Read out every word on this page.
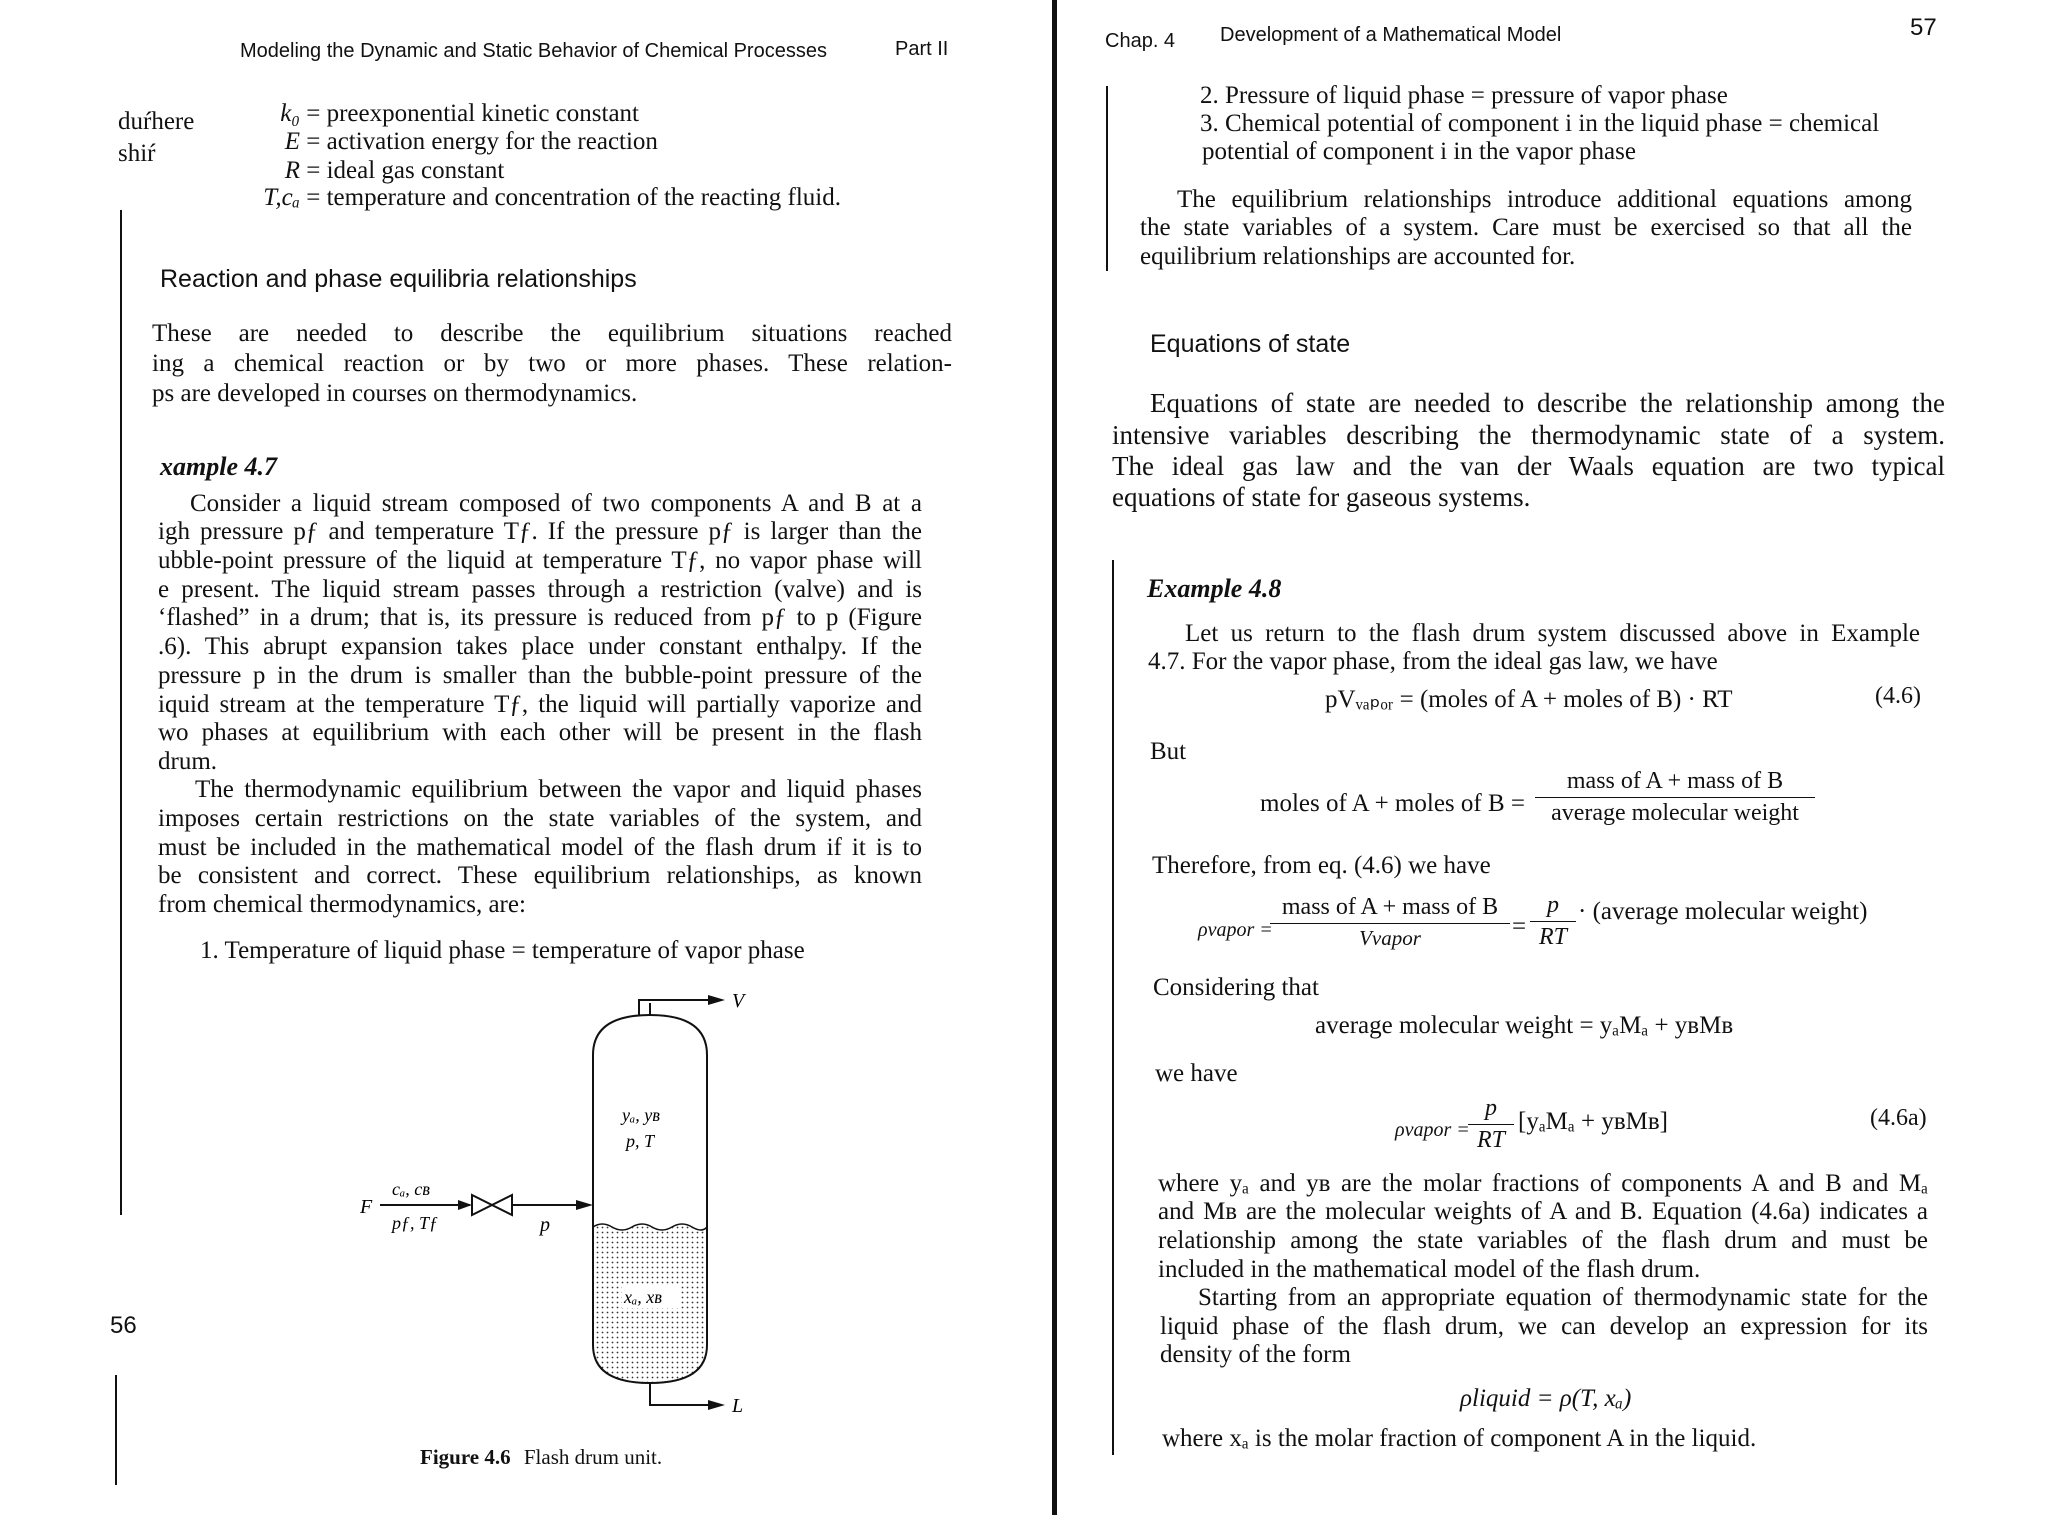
Modeling the Dynamic and Static Behavior of Chemical Processes	Part II
duŕhere
shiŕ
k₀ = preexponential kinetic constant
E = activation energy for the reaction
R = ideal gas constant
T,cₐ = temperature and concentration of the reacting fluid.
Reaction and phase equilibria relationships
These are needed to describe the equilibrium situations reached
ing a chemical reaction or by two or more phases. These relation-
ps are developed in courses on thermodynamics.
xample 4.7
Consider a liquid stream composed of two components A and B at a
igh pressure pƒ and temperature Tƒ. If the pressure pƒ is larger than the
ubble-point pressure of the liquid at temperature Tƒ, no vapor phase will
e present. The liquid stream passes through a restriction (valve) and is
‘flashed” in a drum; that is, its pressure is reduced from pƒ to p (Figure
.6). This abrupt expansion takes place under constant enthalpy. If the
pressure p in the drum is smaller than the bubble-point pressure of the
iquid stream at the temperature Tƒ, the liquid will partially vaporize and
wo phases at equilibrium with each other will be present in the flash
drum.
The thermodynamic equilibrium between the vapor and liquid phases
imposes certain restrictions on the state variables of the system, and
must be included in the mathematical model of the flash drum if it is to
be consistent and correct. These equilibrium relationships, as known
from chemical thermodynamics, are:
1. Temperature of liquid phase = temperature of vapor phase
V
L
F
p
cₐ, cʙ
pƒ, Tƒ
yₐ, yʙ
p, T
xₐ, xʙ
Figure 4.6 Flash drum unit.
56
Chap. 4 Development of a Mathematical Model	57
2. Pressure of liquid phase = pressure of vapor phase
3. Chemical potential of component i in the liquid phase = chemical
potential of component i in the vapor phase
The equilibrium relationships introduce additional equations among
the state variables of a system. Care must be exercised so that all the
equilibrium relationships are accounted for.
Equations of state
Equations of state are needed to describe the relationship among the
intensive variables describing the thermodynamic state of a system.
The ideal gas law and the van der Waals equation are two typical
equations of state for gaseous systems.
Example 4.8
Let us return to the flash drum system discussed above in Example
4.7. For the vapor phase, from the ideal gas law, we have
pVᵥₐₚₒᵣ = (moles of A + moles of B) · RT	(4.6)
But
moles of A + moles of B =
mass of A + mass of B
average molecular weight
Therefore, from eq. (4.6) we have
ρvapor =
mass of A + mass of B
Vvapor	= $\frac{p}{RT}$ · (average molecular weight)
Considering that
average molecular weight = yₐMₐ + yʙMʙ
we have
ρvapor =
$\frac{p}{RT} [y_aM_a$ + yʙMʙ]	(4.6a)
where yₐ and yʙ are the molar fractions of components A and B and Mₐ
and Mʙ are the molecular weights of A and B. Equation (4.6a) indicates a
relationship among the state variables of the flash drum and must be
included in the mathematical model of the flash drum.
Starting from an appropriate equation of thermodynamic state for the
liquid phase of the flash drum, we can develop an expression for its
density of the form
ρliquid = ρ(T, xₐ)
where xₐ is the molar fraction of component A in the liquid.
